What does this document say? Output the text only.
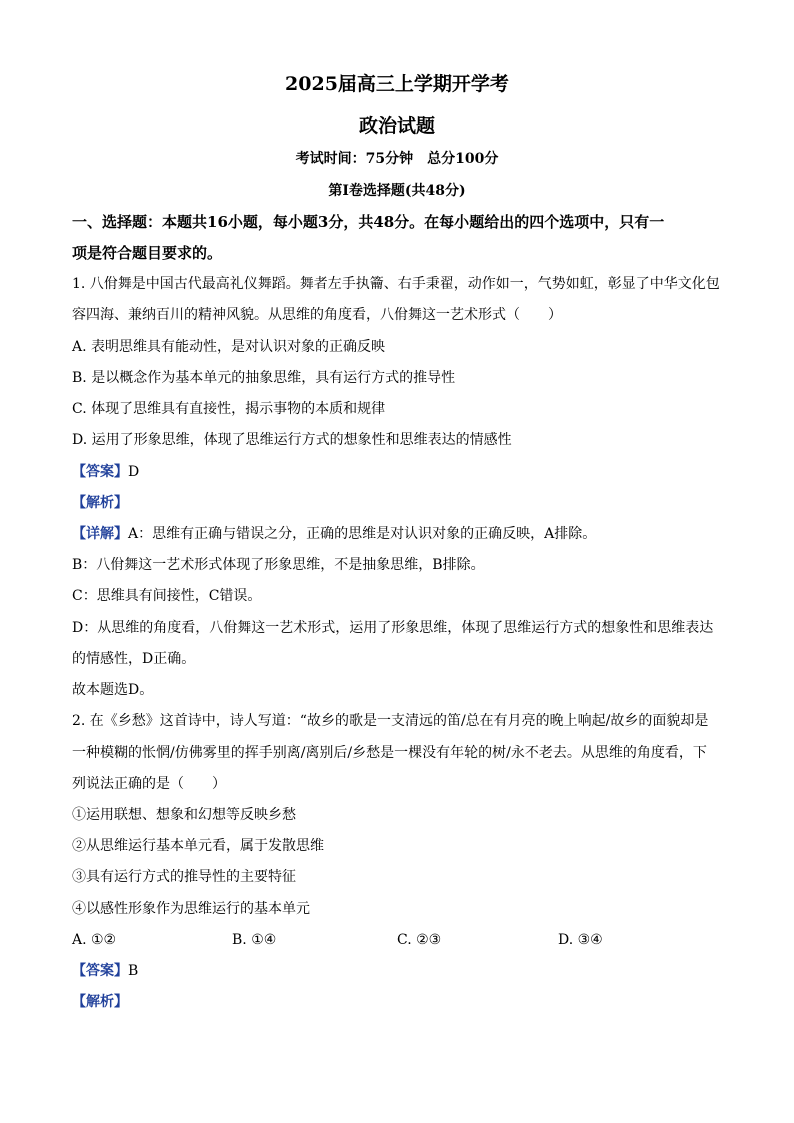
2025届高三上学期开学考
政治试题
考试时间：75分钟　总分100分
第Ⅰ卷选择题(共48分)
一、选择题：本题共16小题，每小题3分，共48分。在每小题给出的四个选项中，只有一
项是符合题目要求的。
1. 八佾舞是中国古代最高礼仪舞蹈。舞者左手执籥、右手秉翟，动作如一，气势如虹，彰显了中华文化包
容四海、兼纳百川的精神风貌。从思维的角度看，八佾舞这一艺术形式（　　）
A. 表明思维具有能动性，是对认识对象的正确反映
B. 是以概念作为基本单元的抽象思维，具有运行方式的推导性
C. 体现了思维具有直接性，揭示事物的本质和规律
D. 运用了形象思维，体现了思维运行方式的想象性和思维表达的情感性
【答案】D
【解析】
【详解】A：思维有正确与错误之分，正确的思维是对认识对象的正确反映，A排除。
B：八佾舞这一艺术形式体现了形象思维，不是抽象思维，B排除。
C：思维具有间接性，C错误。
D：从思维的角度看，八佾舞这一艺术形式，运用了形象思维，体现了思维运行方式的想象性和思维表达
的情感性，D正确。
故本题选D。
2. 在《乡愁》这首诗中，诗人写道：“故乡的歌是一支清远的笛/总在有月亮的晚上响起/故乡的面貌却是
一种模糊的怅惘/仿佛雾里的挥手别离/离别后/乡愁是一棵没有年轮的树/永不老去。从思维的角度看，下
列说法正确的是（　　）
①运用联想、想象和幻想等反映乡愁
②从思维运行基本单元看，属于发散思维
③具有运行方式的推导性的主要特征
④以感性形象作为思维运行的基本单元
A. ①②	B. ①④	C. ②③	D. ③④
【答案】B
【解析】
